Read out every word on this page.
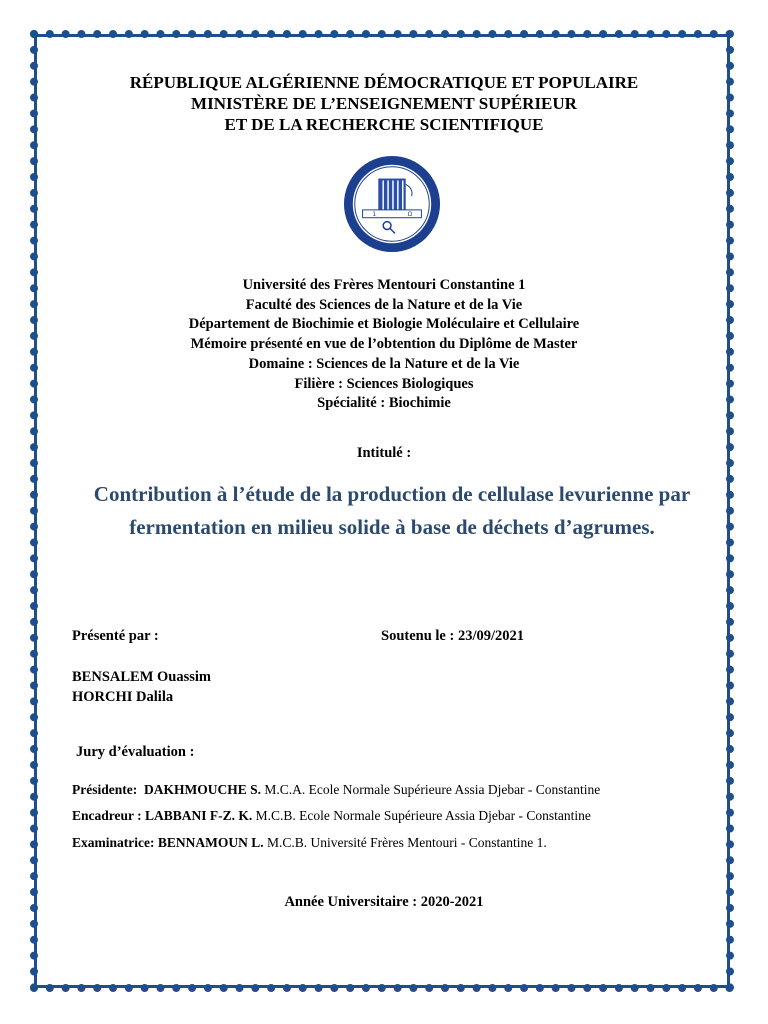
RÉPUBLIQUE ALGÉRIENNE DÉMOCRATIQUE ET POPULAIRE
MINISTÈRE DE L’ENSEIGNEMENT SUPÉRIEUR
ET DE LA RECHERCHE SCIENTIFIQUE
1	Ω
Université des Frères Mentouri Constantine 1
Faculté des Sciences de la Nature et de la Vie
Département de Biochimie et Biologie Moléculaire et Cellulaire
Mémoire présenté en vue de l’obtention du Diplôme de Master
Domaine : Sciences de la Nature et de la Vie
Filière : Sciences Biologiques
Spécialité : Biochimie
Intitulé :
Contribution à l’étude de la production de cellulase levurienne par fermentation en milieu solide à base de déchets d’agrumes.
Présenté par :	Soutenu le : 23/09/2021
BENSALEM Ouassim
HORCHI Dalila
Jury d’évaluation :
Présidente: DAKHMOUCHE S. M.C.A. Ecole Normale Supérieure Assia Djebar - Constantine
Encadreur : LABBANI F-Z. K. M.C.B. Ecole Normale Supérieure Assia Djebar - Constantine
Examinatrice: BENNAMOUN L. M.C.B. Université Frères Mentouri - Constantine 1.
Année Universitaire : 2020-2021
